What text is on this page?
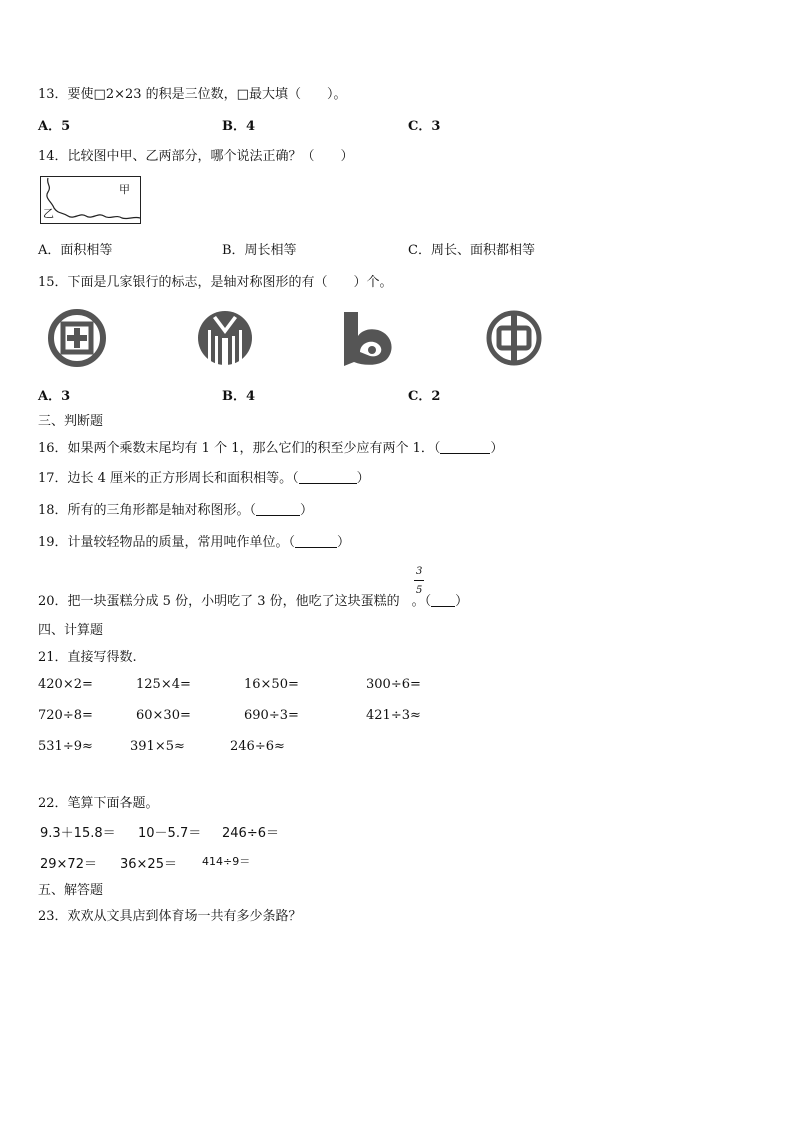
13．要使□2×23 的积是三位数，□最大填（　　）。
A．5	B．4	C．3
14．比较图中甲、乙两部分，哪个说法正确？（　　）
甲
乙
A．面积相等	B．周长相等	C．周长、面积都相等
15．下面是几家银行的标志，是轴对称图形的有（　　）个。
A．3	B．4	C．2
三、判断题
16．如果两个乘数末尾均有 1 个 1，那么它们的积至少应有两个 1．（	）
17．边长 4 厘米的正方形周长和面积相等。（	）
18．所有的三角形都是轴对称图形。（	）
19．计量较轻物品的质量，常用吨作单位。（	）
3
5
20．把一块蛋糕分成 5 份，小明吃了 3 份，他吃了这块蛋糕的 。（ ）
四、计算题
21．直接写得数.
420×2=	125×4=	16×50=	300÷6=
720÷8=	60×30=	690÷3=	421÷3≈
531÷9≈	391×5≈	246÷6≈
22．笔算下面各题。
9.3＋15.8＝ 10－5.7＝ 246÷6＝
29×72＝ 36×25＝ 414÷9＝
五、解答题
23．欢欢从文具店到体育场一共有多少条路？
